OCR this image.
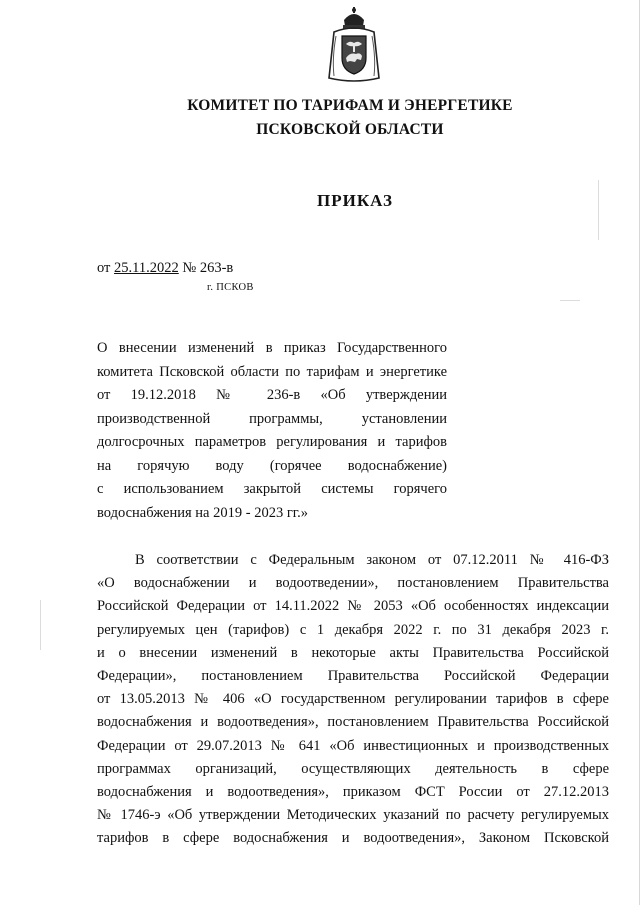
КОМИТЕТ ПО ТАРИФАМ И ЭНЕРГЕТИКЕ
ПСКОВСКОЙ ОБЛАСТИ
ПРИКАЗ
от 25.11.2022 № 263-в
г. ПСКОВ
О внесении изменений в приказ Государственного
комитета Псковской области по тарифам и энергетике
от 19.12.2018 № 236-в «Об утверждении
производственной программы, установлении
долгосрочных параметров регулирования и тарифов
на горячую воду (горячее водоснабжение)
с использованием закрытой системы горячего
водоснабжения на 2019 - 2023 гг.»
В соответствии с Федеральным законом от 07.12.2011 № 416-ФЗ
«О водоснабжении и водоотведении», постановлением Правительства
Российской Федерации от 14.11.2022 № 2053 «Об особенностях индексации
регулируемых цен (тарифов) с 1 декабря 2022 г. по 31 декабря 2023 г.
и о внесении изменений в некоторые акты Правительства Российской
Федерации», постановлением Правительства Российской Федерации
от 13.05.2013 № 406 «О государственном регулировании тарифов в сфере
водоснабжения и водоотведения», постановлением Правительства Российской
Федерации от 29.07.2013 № 641 «Об инвестиционных и производственных
программах организаций, осуществляющих деятельность в сфере
водоснабжения и водоотведения», приказом ФСТ России от 27.12.2013
№ 1746-э «Об утверждении Методических указаний по расчету регулируемых
тарифов в сфере водоснабжения и водоотведения», Законом Псковской
